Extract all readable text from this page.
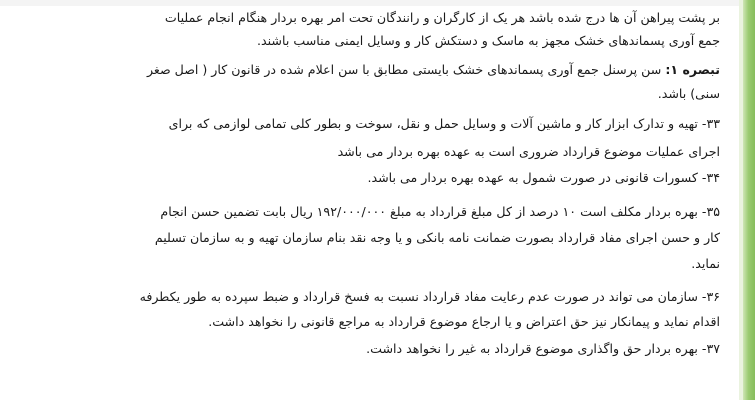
بر پشت پیراهن آن ها درج شده باشد هر یک از کارگران و رانندگان تحت امر بهره بردار هنگام انجام عملیات
جمع آوری پسماندهای خشک مجهز به ماسک و دستکش کار و وسایل ایمنی مناسب باشند.
تبصره ۱: سن پرسنل جمع آوری پسماندهای خشک بایستی مطابق با سن اعلام شده در قانون کار ( اصل صغر
سنی) باشد.
۳۳- تهیه و تدارک ابزار کار و ماشین آلات و وسایل حمل و نقل، سوخت و بطور کلی تمامی لوازمی که برای
اجرای عملیات موضوع قرارداد ضروری است به عهده بهره بردار می باشد
۳۴- کسورات قانونی در صورت شمول به عهده بهره بردار می باشد.
۳۵- بهره بردار مکلف است ۱۰ درصد از کل مبلغ قرارداد به مبلغ ۱۹۲/۰۰۰/۰۰۰ ریال بابت تضمین حسن انجام
کار و حسن اجرای مفاد قرارداد بصورت ضمانت نامه بانکی و یا وجه نقد بنام سازمان تهیه و به سازمان تسلیم
نماید.
۳۶- سازمان می تواند در صورت عدم رعایت مفاد قرارداد نسبت به فسخ قرارداد و ضبط سپرده به طور یکطرفه
اقدام نماید و پیمانکار نیز حق اعتراض و یا ارجاع موضوع قرارداد به مراجع قانونی را نخواهد داشت.
۳۷- بهره بردار حق واگذاری موضوع قرارداد به غیر را نخواهد داشت.
